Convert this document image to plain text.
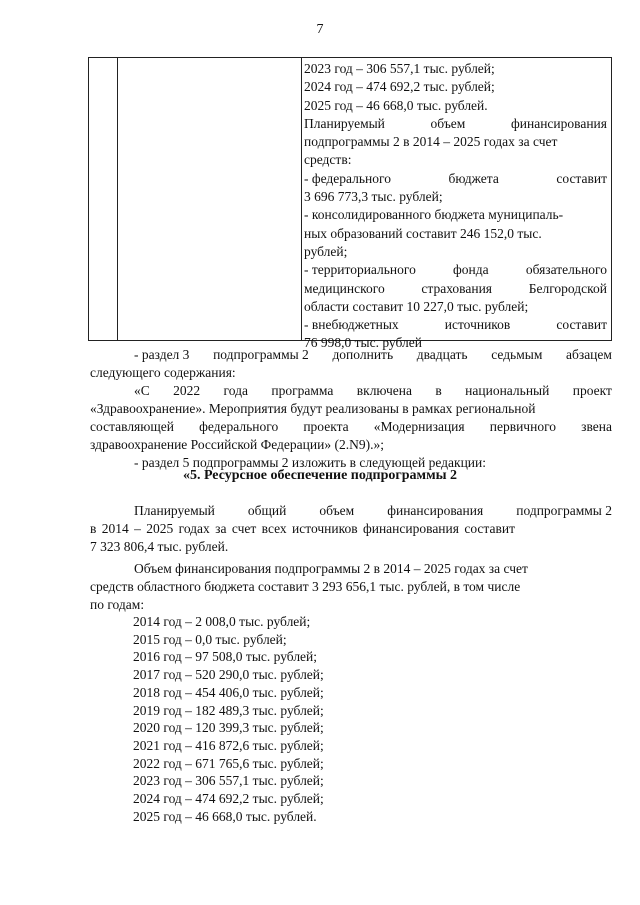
7
2023 год – 306 557,1 тыс. рублей;
2024 год – 474 692,2 тыс. рублей;
2025 год – 46 668,0 тыс. рублей.
Планируемый	объем	финансирования
подпрограммы 2 в 2014 – 2025 годах за счет
средств:
- федерального	бюджета	составит
3 696 773,3 тыс. рублей;
- консолидированного бюджета муниципаль-
ных образований составит 246 152,0 тыс.
рублей;
- территориального	фонда	обязательного
медицинского	страхования	Белгородской
области составит 10 227,0 тыс. рублей;
- внебюджетных	источников	составит
76 998,0 тыс. рублей
- раздел 3 подпрограммы 2 дополнить двадцать седьмым абзацем
следующего содержания:
«С 2022 года программа включена в национальный проект
«Здравоохранение». Мероприятия будут реализованы в рамках региональной
составляющей федерального проекта «Модернизация первичного звена
здравоохранение Российской Федерации» (2.N9).»;
- раздел 5 подпрограммы 2 изложить в следующей редакции:
«5. Ресурсное обеспечение подпрограммы 2
Планируемый общий объем финансирования подпрограммы 2
в 2014 – 2025 годах за счет всех источников финансирования составит
7 323 806,4 тыс. рублей.
Объем финансирования подпрограммы 2 в 2014 – 2025 годах за счет
средств областного бюджета составит 3 293 656,1 тыс. рублей, в том числе
по годам:
2014 год – 2 008,0 тыс. рублей;
2015 год – 0,0 тыс. рублей;
2016 год – 97 508,0 тыс. рублей;
2017 год – 520 290,0 тыс. рублей;
2018 год – 454 406,0 тыс. рублей;
2019 год – 182 489,3 тыс. рублей;
2020 год – 120 399,3 тыс. рублей;
2021 год – 416 872,6 тыс. рублей;
2022 год – 671 765,6 тыс. рублей;
2023 год – 306 557,1 тыс. рублей;
2024 год – 474 692,2 тыс. рублей;
2025 год – 46 668,0 тыс. рублей.
